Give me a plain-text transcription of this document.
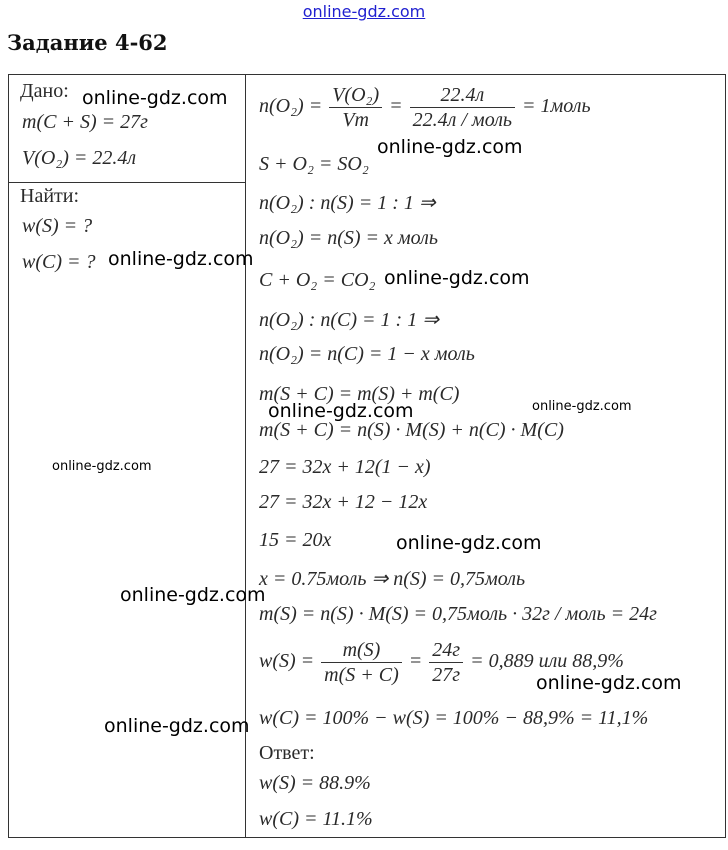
online-gdz.com
Задание 4-62
Дано:
m(C + S) = 27г
V(O₂) = 22.4л
Найти:
w(S) = ?
w(C) = ?
$n(O_2) = \frac{\text{V(O₂)}}{Vm} = \frac{22.4л}{\text{22.4л / моль}}$ = 1моль
S + O₂ = SO₂
n(O₂) : n(S) = 1 : 1 ⇒
n(O₂) = n(S) = x моль
C + O₂ = CO₂
n(O₂) : n(C) = 1 : 1 ⇒
n(O₂) = n(C) = 1 − x моль
m(S + C) = m(S) + m(C)
m(S + C) = n(S) · M(S) + n(C) · M(C)
27 = 32x + 12(1 − x)
27 = 32x + 12 − 12x
15 = 20x
x = 0.75моль ⇒ n(S) = 0,75моль
m(S) = n(S) · M(S) = 0,75моль · 32г / моль = 24г
$w(S) = \frac{m(S)}{m(S + C)} = \frac{24г}{27г} = 0,889$ или 88,9%
w(C) = 100% − w(S) = 100% − 88,9% = 11,1%
Ответ:
w(S) = 88.9%
w(C) = 11.1%
online-gdz.com
online-gdz.com
online-gdz.com
online-gdz.com
online-gdz.com	online-gdz.com
online-gdz.com
online-gdz.com
online-gdz.com
online-gdz.com
online-gdz.com
